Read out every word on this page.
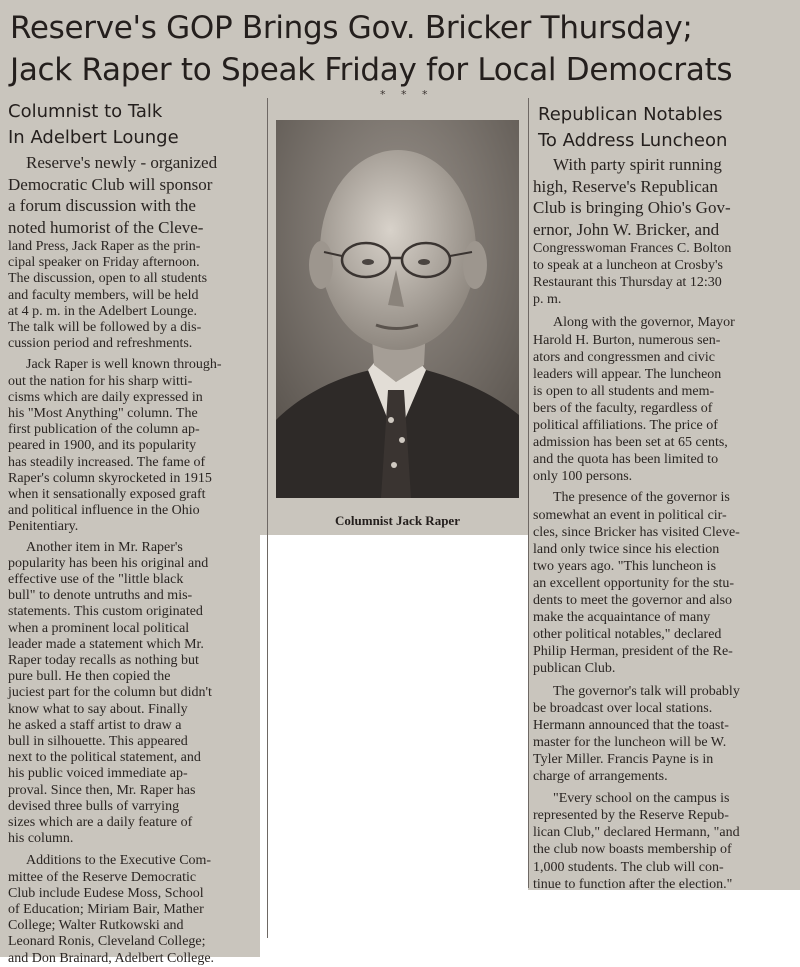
Reserve's GOP Brings Gov. Bricker Thursday;
Jack Raper to Speak Friday for Local Democrats
* * *
Columnist to Talk
In Adelbert Lounge
Reserve's newly - organized
Democratic Club will sponsor
a forum discussion with the
noted humorist of the Cleve-
land Press, Jack Raper as the prin-
cipal speaker on Friday afternoon.
The discussion, open to all students
and faculty members, will be held
at 4 p. m. in the Adelbert Lounge.
The talk will be followed by a dis-
cussion period and refreshments.
Jack Raper is well known through-
out the nation for his sharp witti-
cisms which are daily expressed in
his "Most Anything" column. The
first publication of the column ap-
peared in 1900, and its popularity
has steadily increased. The fame of
Raper's column skyrocketed in 1915
when it sensationally exposed graft
and political influence in the Ohio
Penitentiary.
Another item in Mr. Raper's
popularity has been his original and
effective use of the "little black
bull" to denote untruths and mis-
statements. This custom originated
when a prominent local political
leader made a statement which Mr.
Raper today recalls as nothing but
pure bull. He then copied the
juciest part for the column but didn't
know what to say about. Finally
he asked a staff artist to draw a
bull in silhouette. This appeared
next to the political statement, and
his public voiced immediate ap-
proval. Since then, Mr. Raper has
devised three bulls of varrying
sizes which are a daily feature of
his column.
Additions to the Executive Com-
mittee of the Reserve Democratic
Club include Eudese Moss, School
of Education; Miriam Bair, Mather
College; Walter Rutkowski and
Leonard Ronis, Cleveland College;
and Don Brainard, Adelbert College.
Columnist Jack Raper
Republican Notables
To Address Luncheon
With party spirit running
high, Reserve's Republican
Club is bringing Ohio's Gov-
ernor, John W. Bricker, and
Congresswoman Frances C. Bolton
to speak at a luncheon at Crosby's
Restaurant this Thursday at 12:30
p. m.
Along with the governor, Mayor
Harold H. Burton, numerous sen-
ators and congressmen and civic
leaders will appear. The luncheon
is open to all students and mem-
bers of the faculty, regardless of
political affiliations. The price of
admission has been set at 65 cents,
and the quota has been limited to
only 100 persons.
The presence of the governor is
somewhat an event in political cir-
cles, since Bricker has visited Cleve-
land only twice since his election
two years ago. "This luncheon is
an excellent opportunity for the stu-
dents to meet the governor and also
make the acquaintance of many
other political notables," declared
Philip Herman, president of the Re-
publican Club.
The governor's talk will probably
be broadcast over local stations.
Hermann announced that the toast-
master for the luncheon will be W.
Tyler Miller. Francis Payne is in
charge of arrangements.
"Every school on the campus is
represented by the Reserve Repub-
lican Club," declared Hermann, "and
the club now boasts membership of
1,000 students. The club will con-
tinue to function after the election."
